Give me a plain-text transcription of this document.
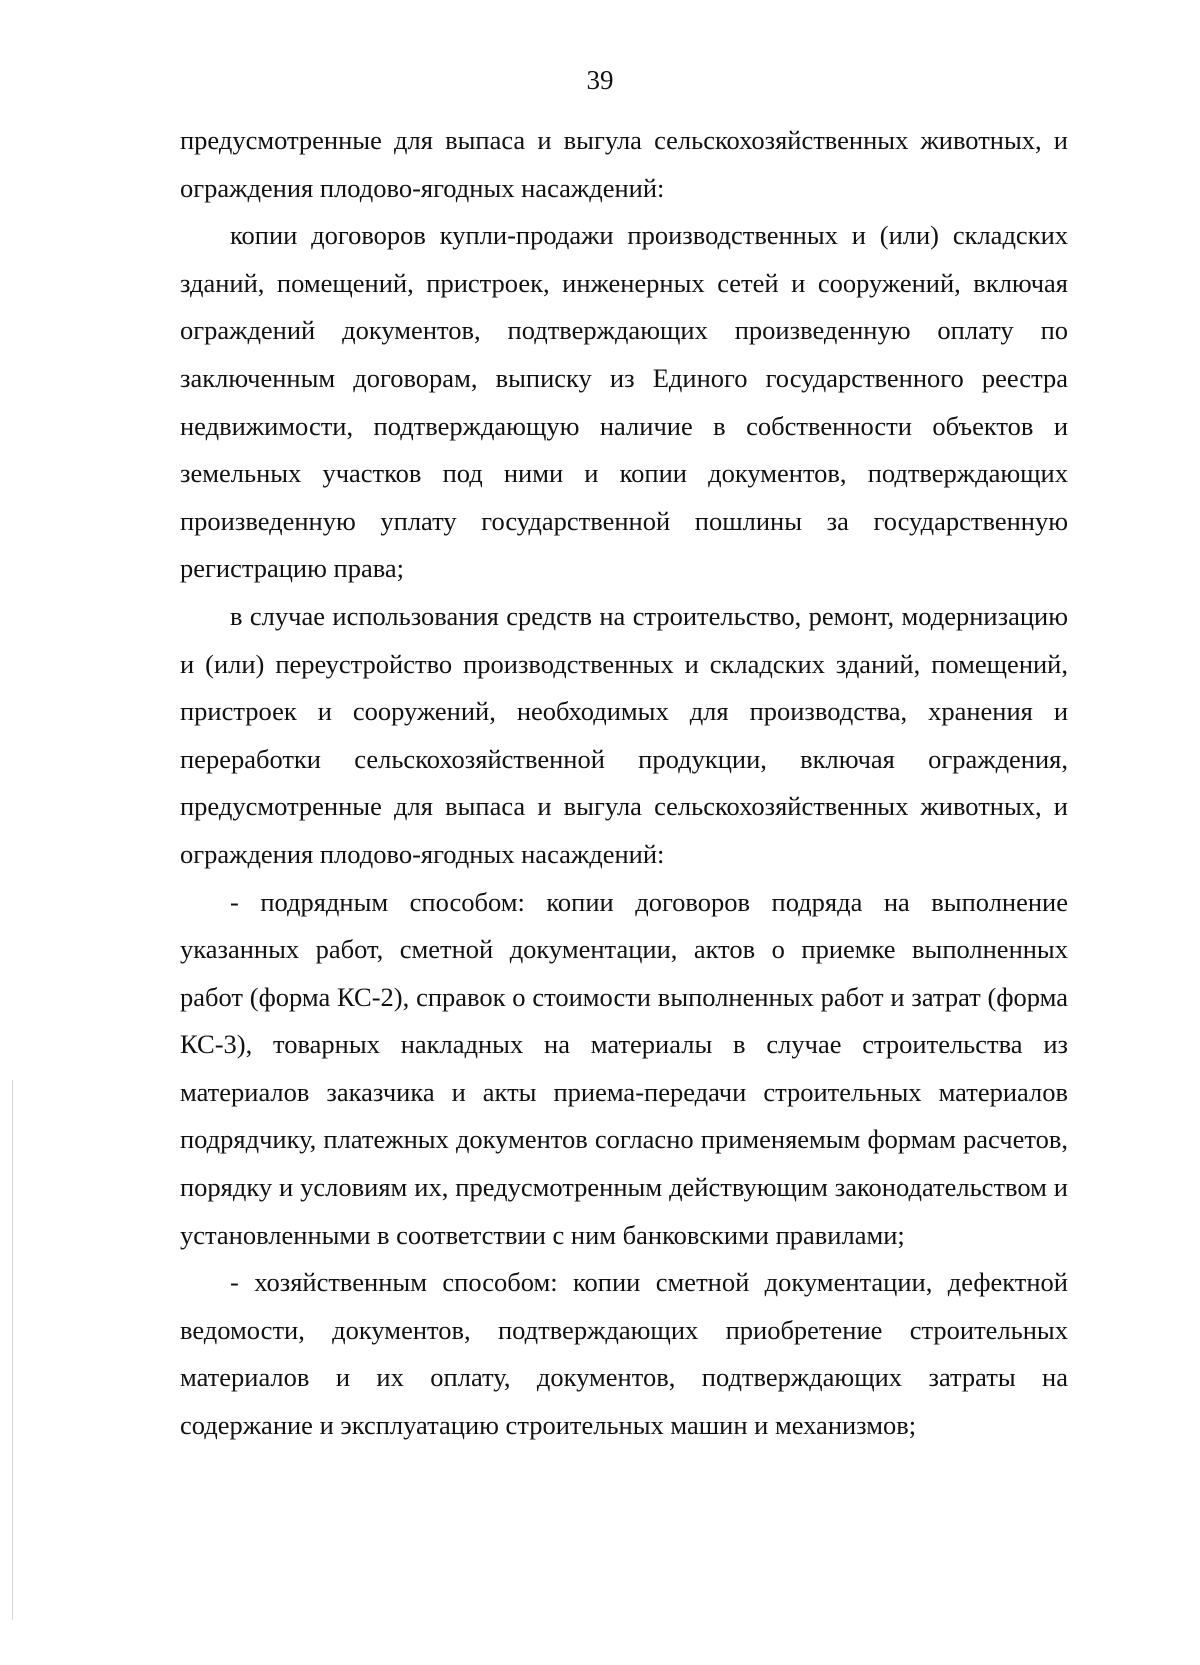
39

предусмотренные для выпаса и выгула сельскохозяйственных животных, и ограждения плодово-ягодных насаждений:

копии договоров купли-продажи производственных и (или) складских зданий, помещений, пристроек, инженерных сетей и сооружений, включая ограждений документов, подтверждающих произведенную оплату по заключенным договорам, выписку из Единого государственного реестра недвижимости, подтверждающую наличие в собственности объектов и земельных участков под ними и копии документов, подтверждающих произведенную уплату государственной пошлины за государственную регистрацию права;

в случае использования средств на строительство, ремонт, модернизацию и (или) переустройство производственных и складских зданий, помещений, пристроек и сооружений, необходимых для производства, хранения и переработки сельскохозяйственной продукции, включая ограждения, предусмотренные для выпаса и выгула сельскохозяйственных животных, и ограждения плодово-ягодных насаждений:

- подрядным способом: копии договоров подряда на выполнение указанных работ, сметной документации, актов о приемке выполненных работ (форма КС-2), справок о стоимости выполненных работ и затрат (форма КС-3), товарных накладных на материалы в случае строительства из материалов заказчика и акты приема-передачи строительных материалов подрядчику, платежных документов согласно применяемым формам расчетов, порядку и условиям их, предусмотренным действующим законодательством и установленными в соответствии с ним банковскими правилами;

- хозяйственным способом: копии сметной документации, дефектной ведомости, документов, подтверждающих приобретение строительных материалов и их оплату, документов, подтверждающих затраты на содержание и эксплуатацию строительных машин и механизмов;
